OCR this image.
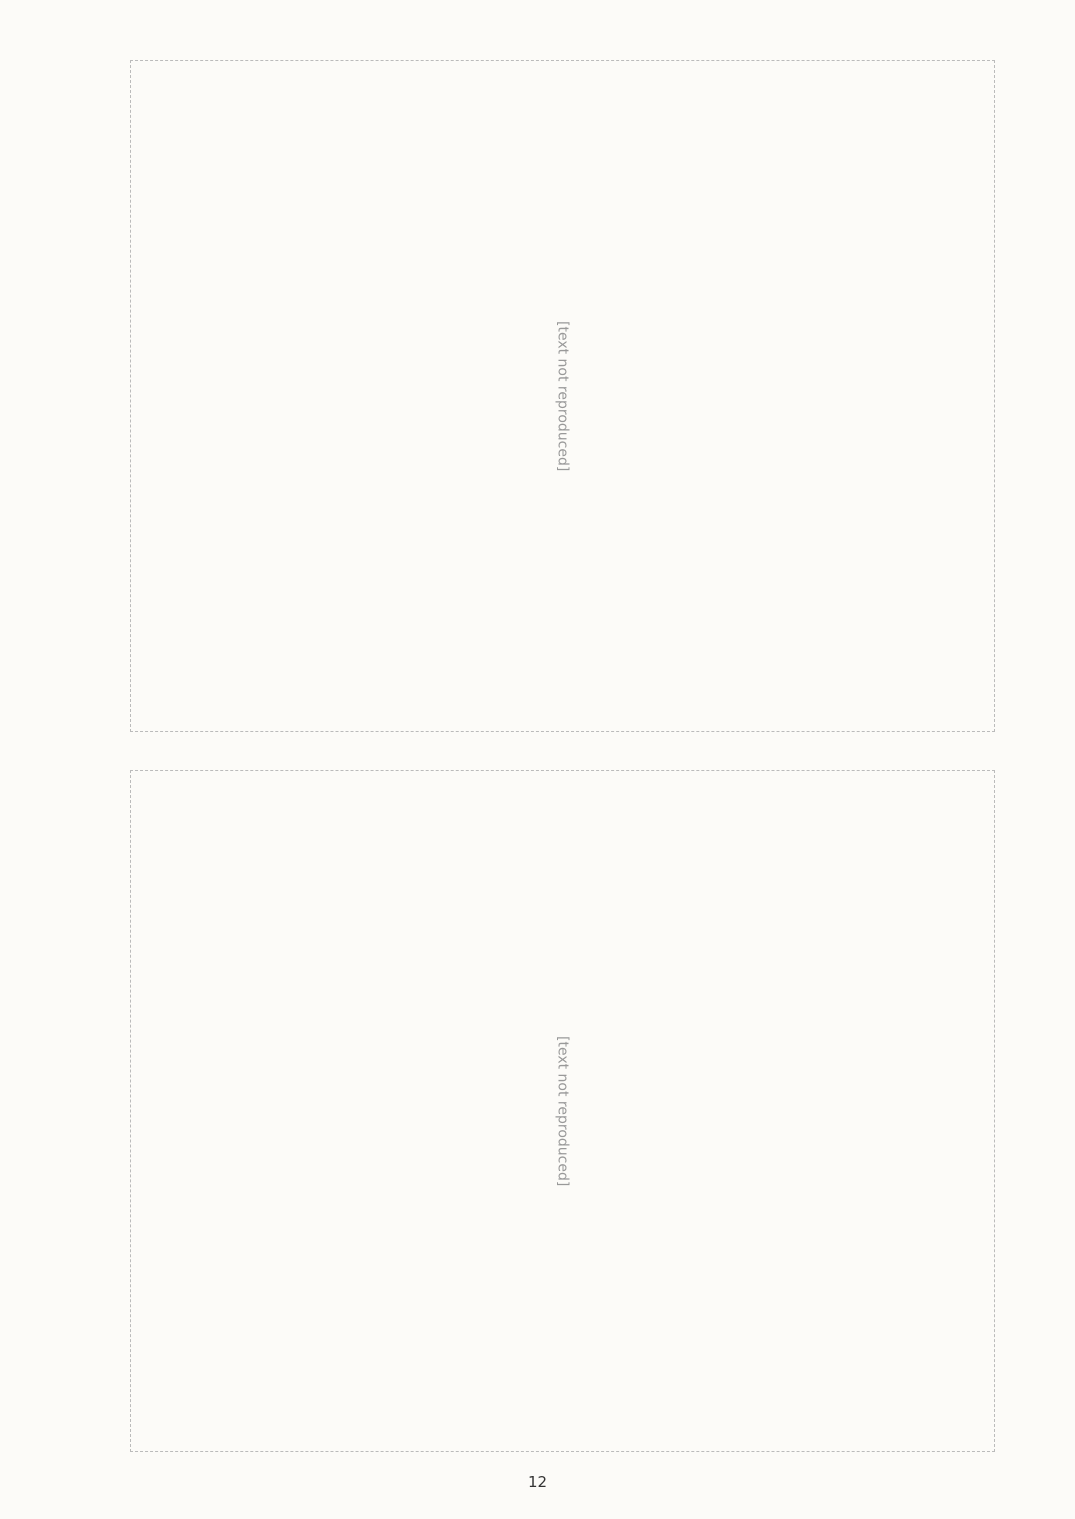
[text not reproduced]
[text not reproduced]
12
